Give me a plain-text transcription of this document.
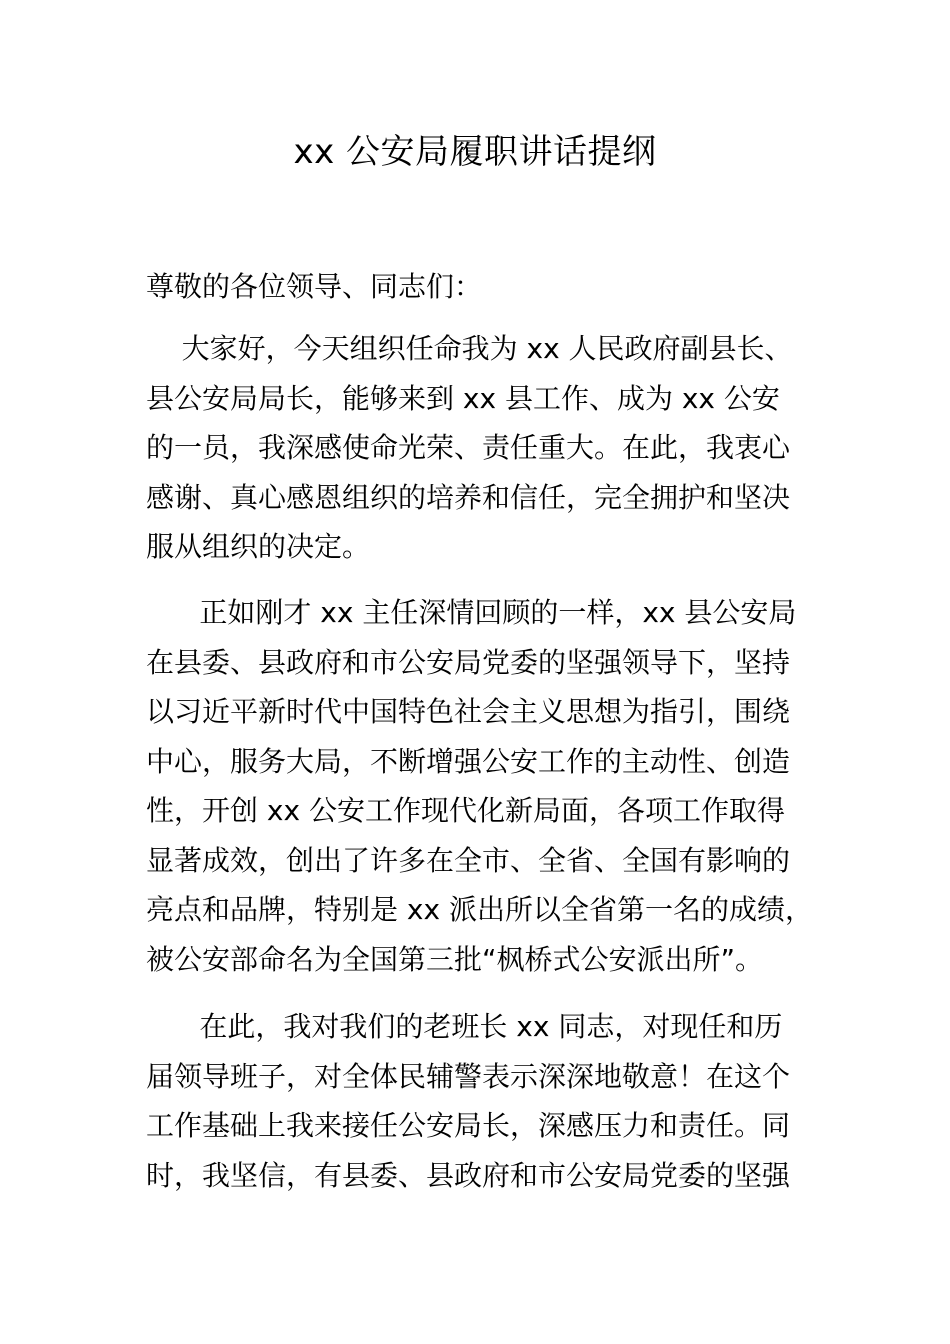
xx 公安局履职讲话提纲
尊敬的各位领导、同志们：
大家好，今天组织任命我为 xx 人民政府副县长、
县公安局局长，能够来到 xx 县工作、成为 xx 公安
的一员，我深感使命光荣、责任重大。在此，我衷心
感谢、真心感恩组织的培养和信任，完全拥护和坚决
服从组织的决定。
正如刚才 xx 主任深情回顾的一样，xx 县公安局
在县委、县政府和市公安局党委的坚强领导下，坚持
以习近平新时代中国特色社会主义思想为指引，围绕
中心，服务大局，不断增强公安工作的主动性、创造
性，开创 xx 公安工作现代化新局面，各项工作取得
显著成效，创出了许多在全市、全省、全国有影响的
亮点和品牌，特别是 xx 派出所以全省第一名的成绩，
被公安部命名为全国第三批“枫桥式公安派出所”。
在此，我对我们的老班长 xx 同志，对现任和历
届领导班子，对全体民辅警表示深深地敬意！在这个
工作基础上我来接任公安局长，深感压力和责任。同
时，我坚信，有县委、县政府和市公安局党委的坚强
